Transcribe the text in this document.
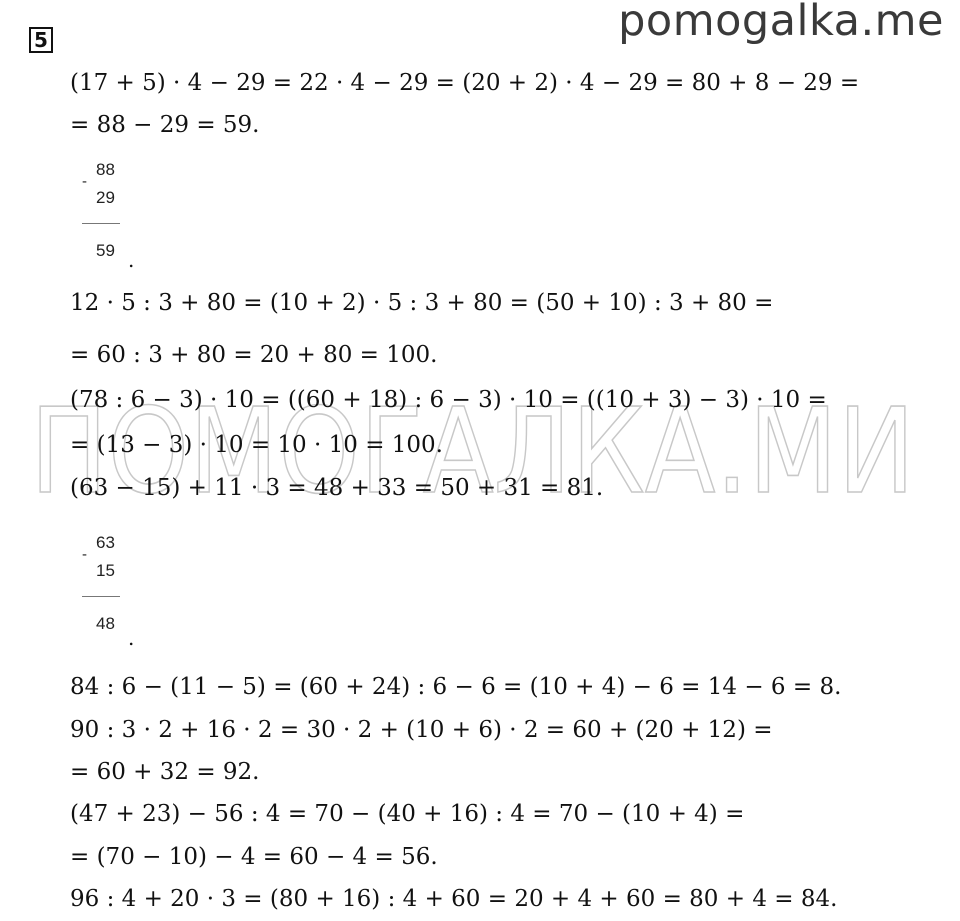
5	pomogalka.me
ПОМОГАЛКА.МИ
(17 + 5) · 4 − 29 = 22 · 4 − 29 = (20 + 2) · 4 − 29 = 80 + 8 − 29 =
= 88 − 29 = 59.
-
88
29
59 .
12 · 5 : 3 + 80 = (10 + 2) · 5 : 3 + 80 = (50 + 10) : 3 + 80 =
= 60 : 3 + 80 = 20 + 80 = 100.
(78 : 6 − 3) · 10 = ((60 + 18) : 6 − 3) · 10 = ((10 + 3) − 3) · 10 =
= (13 − 3) · 10 = 10 · 10 = 100.
(63 − 15) + 11 · 3 = 48 + 33 = 50 + 31 = 81.
-
63
15
48
.
84 : 6 − (11 − 5) = (60 + 24) : 6 − 6 = (10 + 4) − 6 = 14 − 6 = 8.
90 : 3 · 2 + 16 · 2 = 30 · 2 + (10 + 6) · 2 = 60 + (20 + 12) =
= 60 + 32 = 92.
(47 + 23) − 56 : 4 = 70 − (40 + 16) : 4 = 70 − (10 + 4) =
= (70 − 10) − 4 = 60 − 4 = 56.
96 : 4 + 20 · 3 = (80 + 16) : 4 + 60 = 20 + 4 + 60 = 80 + 4 = 84.
